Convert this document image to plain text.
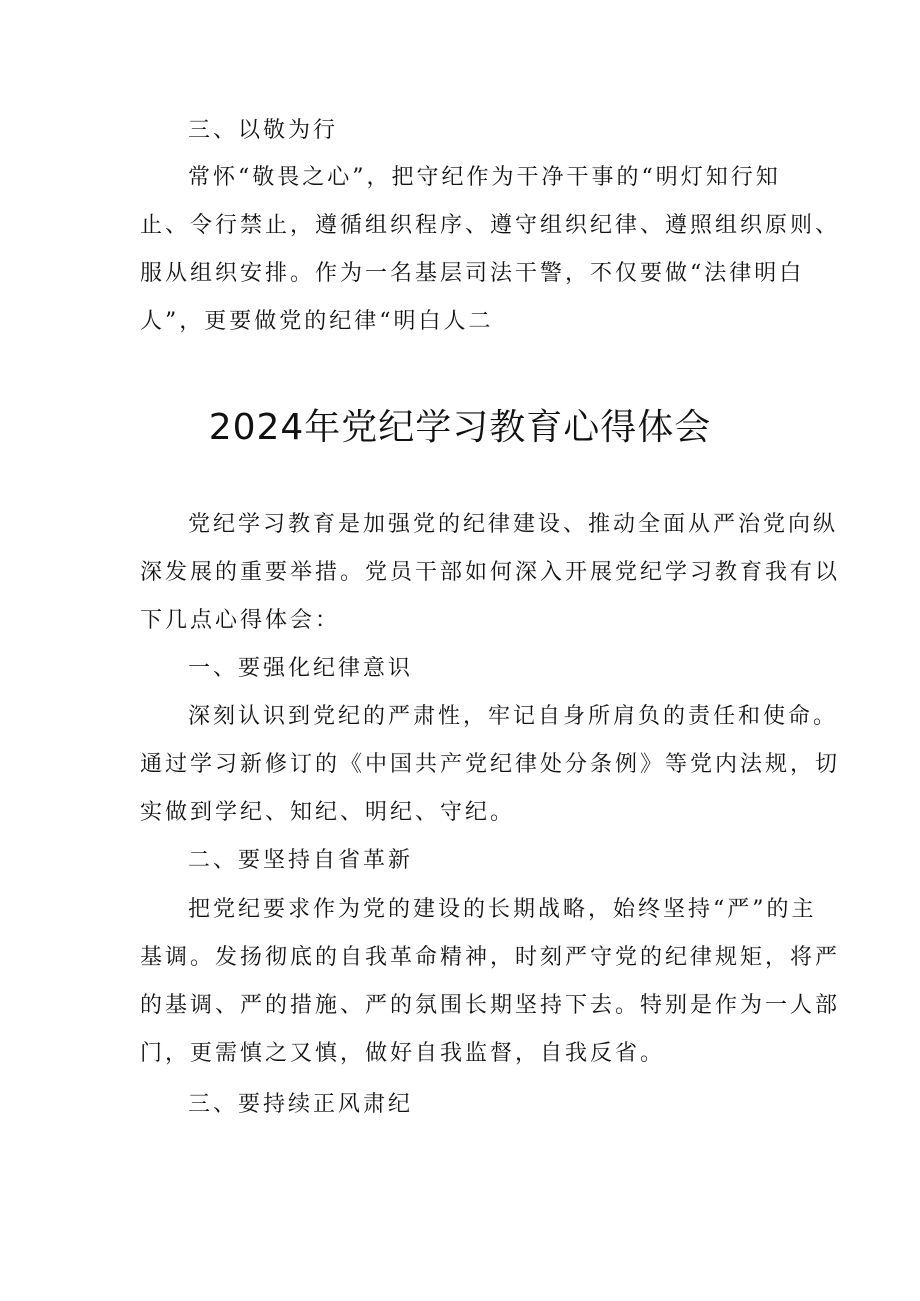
三、以敬为行
常怀“敬畏之心”，把守纪作为干净干事的“明灯知行知
止、令行禁止，遵循组织程序、遵守组织纪律、遵照组织原则、
服从组织安排。作为一名基层司法干警，不仅要做“法律明白
人”，更要做党的纪律“明白人二
2024年党纪学习教育心得体会
党纪学习教育是加强党的纪律建设、推动全面从严治党向纵
深发展的重要举措。党员干部如何深入开展党纪学习教育我有以
下几点心得体会：
一、要强化纪律意识
深刻认识到党纪的严肃性，牢记自身所肩负的责任和使命。
通过学习新修订的《中国共产党纪律处分条例》等党内法规，切
实做到学纪、知纪、明纪、守纪。
二、要坚持自省革新
把党纪要求作为党的建设的长期战略，始终坚持“严”的主
基调。发扬彻底的自我革命精神，时刻严守党的纪律规矩，将严
的基调、严的措施、严的氛围长期坚持下去。特别是作为一人部
门，更需慎之又慎，做好自我监督，自我反省。
三、要持续正风肃纪
